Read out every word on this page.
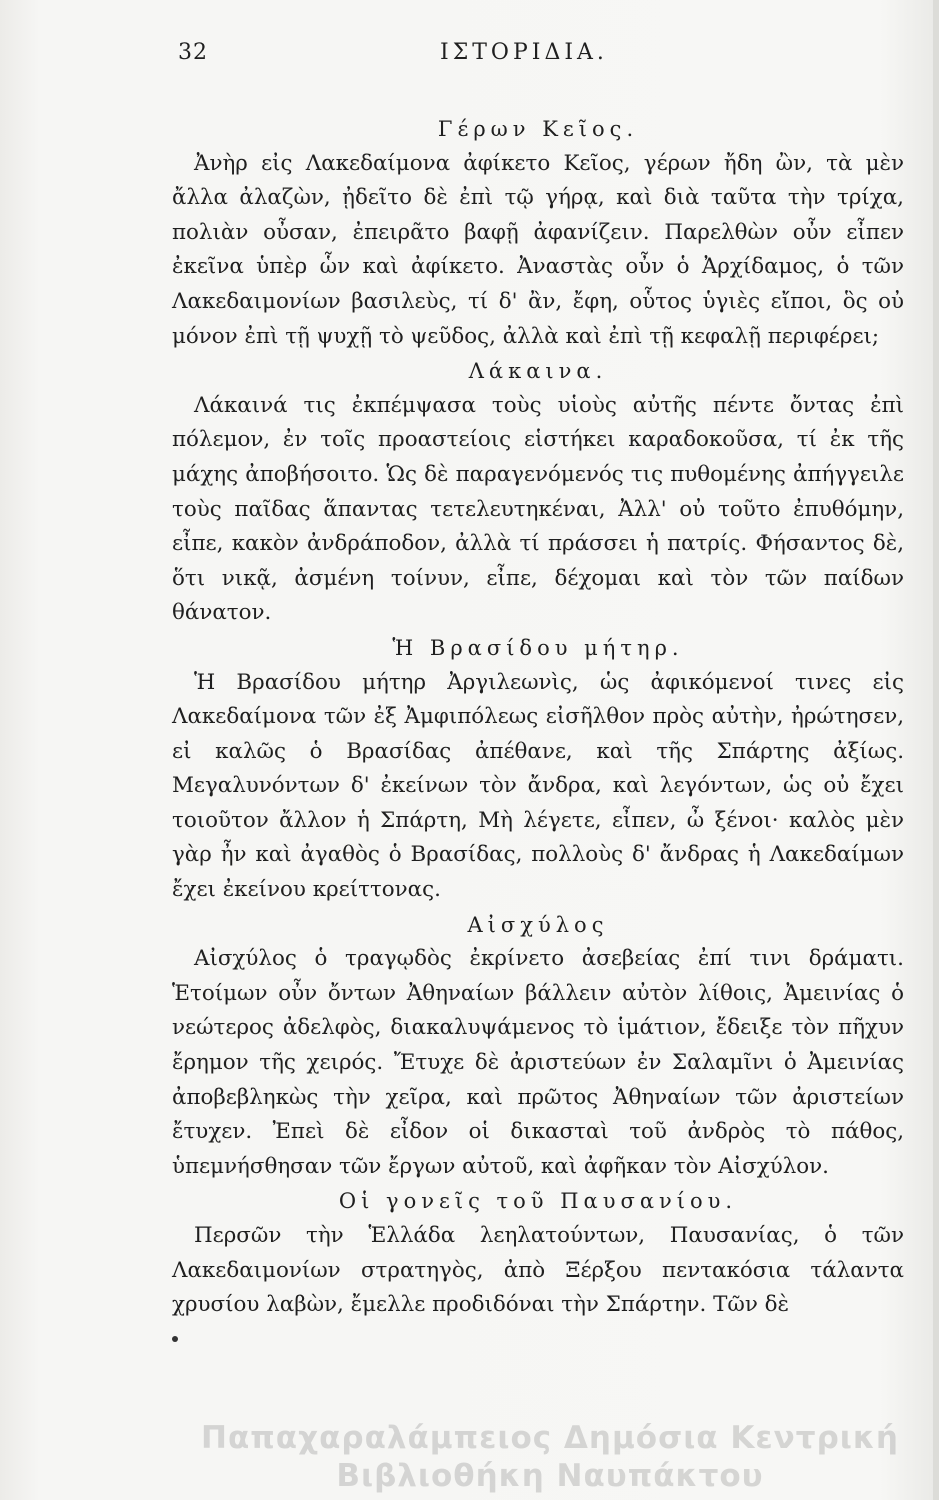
32	ΙΣΤΟΡΙΔΙΑ.
Γέρων Κεῖος.

Ἀνὴρ εἰς Λακεδαίμονα ἀφίκετο Κεῖος, γέρων ἤδη ὢν, τὰ μὲν ἄλλα ἀλαζὼν, ᾐδεῖτο δὲ ἐπὶ τῷ γήρᾳ, καὶ διὰ ταῦτα τὴν τρίχα, πολιὰν οὖσαν, ἐπειρᾶτο βαφῇ ἀφανίζειν. Παρελθὼν οὖν εἶπεν ἐκεῖνα ὑπὲρ ὧν καὶ ἀφίκετο. Ἀναστὰς οὖν ὁ Ἀρχίδαμος, ὁ τῶν Λακεδαιμονίων βασιλεὺς, τί δ' ἂν, ἔφη, οὗτος ὑγιὲς εἴποι, ὃς οὐ μόνον ἐπὶ τῇ ψυχῇ τὸ ψεῦδος, ἀλλὰ καὶ ἐπὶ τῇ κεφαλῇ περιφέρει;

Λάκαινα.

Λάκαινά τις ἐκπέμψασα τοὺς υἱοὺς αὐτῆς πέντε ὄντας ἐπὶ πόλεμον, ἐν τοῖς προαστείοις εἱστήκει καραδοκοῦσα, τί ἐκ τῆς μάχης ἀποβήσοιτο. Ὡς δὲ παραγενόμενός τις πυθομένης ἀπήγγειλε τοὺς παῖδας ἅπαντας τετελευτηκέναι, Ἀλλ' οὐ τοῦτο ἐπυθόμην, εἶπε, κακὸν ἀνδράποδον, ἀλλὰ τί πράσσει ἡ πατρίς. Φήσαντος δὲ, ὅτι νικᾷ, ἀσμένη τοίνυν, εἶπε, δέχομαι καὶ τὸν τῶν παίδων θάνατον.

Ἡ Βρασίδου μήτηρ.

Ἡ Βρασίδου μήτηρ Ἀργιλεωνὶς, ὡς ἀφικόμενοί τινες εἰς Λακεδαίμονα τῶν ἐξ Ἀμφιπόλεως εἰσῆλθον πρὸς αὐτὴν, ἠρώτησεν, εἰ καλῶς ὁ Βρασίδας ἀπέθανε, καὶ τῆς Σπάρτης ἀξίως. Μεγαλυνόντων δ' ἐκείνων τὸν ἄνδρα, καὶ λεγόντων, ὡς οὐ ἔχει τοιοῦτον ἄλλον ἡ Σπάρτη, Μὴ λέγετε, εἶπεν, ὦ ξένοι· καλὸς μὲν γὰρ ἦν καὶ ἀγαθὸς ὁ Βρασίδας, πολλοὺς δ' ἄνδρας ἡ Λακεδαίμων ἔχει ἐκείνου κρείττονας.

Αἰσχύλος

Αἰσχύλος ὁ τραγῳδὸς ἐκρίνετο ἀσεβείας ἐπί τινι δράματι. Ἑτοίμων οὖν ὄντων Ἀθηναίων βάλλειν αὐτὸν λίθοις, Ἀμεινίας ὁ νεώτερος ἀδελφὸς, διακαλυψάμενος τὸ ἱμάτιον, ἔδειξε τὸν πῆχυν ἔρημον τῆς χειρός. Ἔτυχε δὲ ἀριστεύων ἐν Σαλαμῖνι ὁ Ἀμεινίας ἀποβεβληκὼς τὴν χεῖρα, καὶ πρῶτος Ἀθηναίων τῶν ἀριστείων ἔτυχεν. Ἐπεὶ δὲ εἶδον οἱ δικασταὶ τοῦ ἀνδρὸς τὸ πάθος, ὑπεμνήσθησαν τῶν ἔργων αὐτοῦ, καὶ ἀφῆκαν τὸν Αἰσχύλον.

Οἱ γονεῖς τοῦ Παυσανίου.

Περσῶν τὴν Ἑλλάδα λεηλατούντων, Παυσανίας, ὁ τῶν Λακεδαιμονίων στρατηγὸς, ἀπὸ Ξέρξου πεντακόσια τάλαντα χρυσίου λαβὼν, ἔμελλε προδιδόναι τὴν Σπάρτην. Τῶν δὲ

Παπαχαραλάμπειος Δημόσια Κεντρική
Βιβλιοθήκη Ναυπάκτου
